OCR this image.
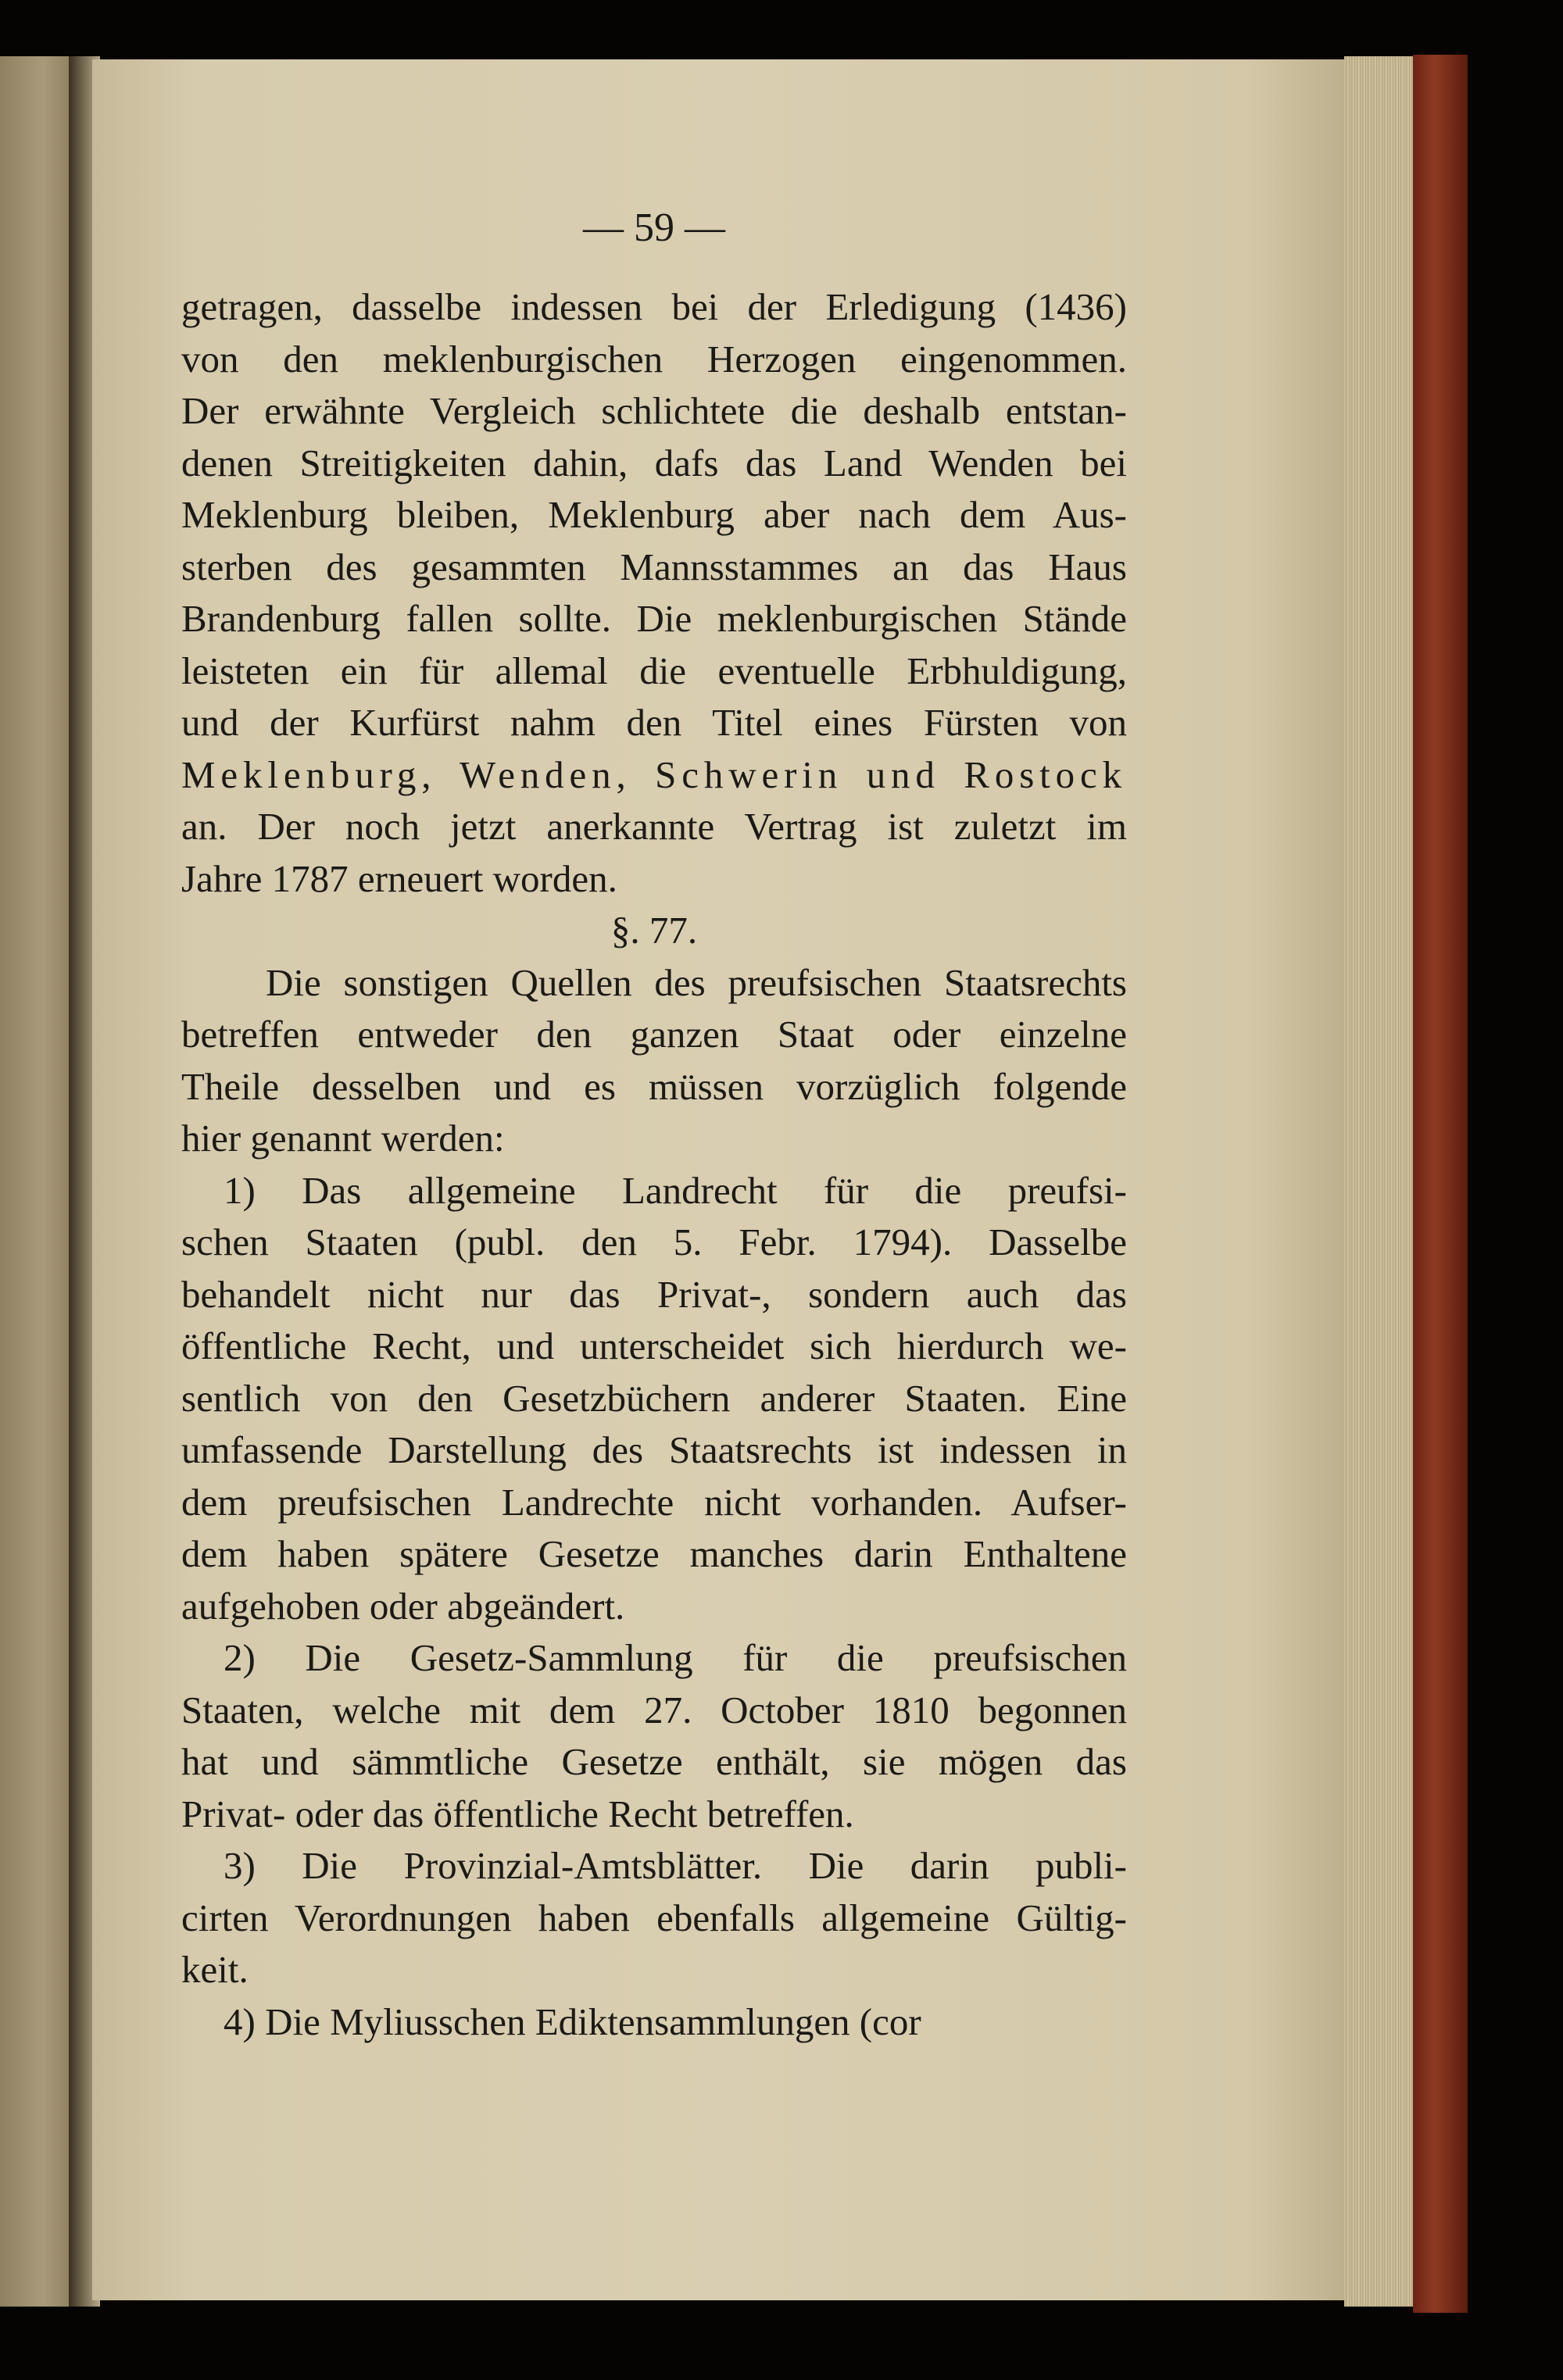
— 59 —
getragen, dasselbe indessen bei der Erledigung (1436)
von den meklenburgischen Herzogen eingenommen.
Der erwähnte Vergleich schlichtete die deshalb entstan-
denen Streitigkeiten dahin, dafs das Land Wenden bei
Meklenburg bleiben, Meklenburg aber nach dem Aus-
sterben des gesammten Mannsstammes an das Haus
Brandenburg fallen sollte. Die meklenburgischen Stände
leisteten ein für allemal die eventuelle Erbhuldigung,
und der Kurfürst nahm den Titel eines Fürsten von
Meklenburg, Wenden, Schwerin und Rostock
an. Der noch jetzt anerkannte Vertrag ist zuletzt im
Jahre 1787 erneuert worden.
§. 77.
Die sonstigen Quellen des preufsischen Staatsrechts
betreffen entweder den ganzen Staat oder einzelne
Theile desselben und es müssen vorzüglich folgende
hier genannt werden:
1) Das allgemeine Landrecht für die preufsi-
schen Staaten (publ. den 5. Febr. 1794). Dasselbe
behandelt nicht nur das Privat-, sondern auch das
öffentliche Recht, und unterscheidet sich hierdurch we-
sentlich von den Gesetzbüchern anderer Staaten. Eine
umfassende Darstellung des Staatsrechts ist indessen in
dem preufsischen Landrechte nicht vorhanden. Aufser-
dem haben spätere Gesetze manches darin Enthaltene
aufgehoben oder abgeändert.
2) Die Gesetz-Sammlung für die preufsischen
Staaten, welche mit dem 27. October 1810 begonnen
hat und sämmtliche Gesetze enthält, sie mögen das
Privat- oder das öffentliche Recht betreffen.
3) Die Provinzial-Amtsblätter. Die darin publi-
cirten Verordnungen haben ebenfalls allgemeine Gültig-
keit.
4) Die Myliusschen Ediktensammlungen (cor
